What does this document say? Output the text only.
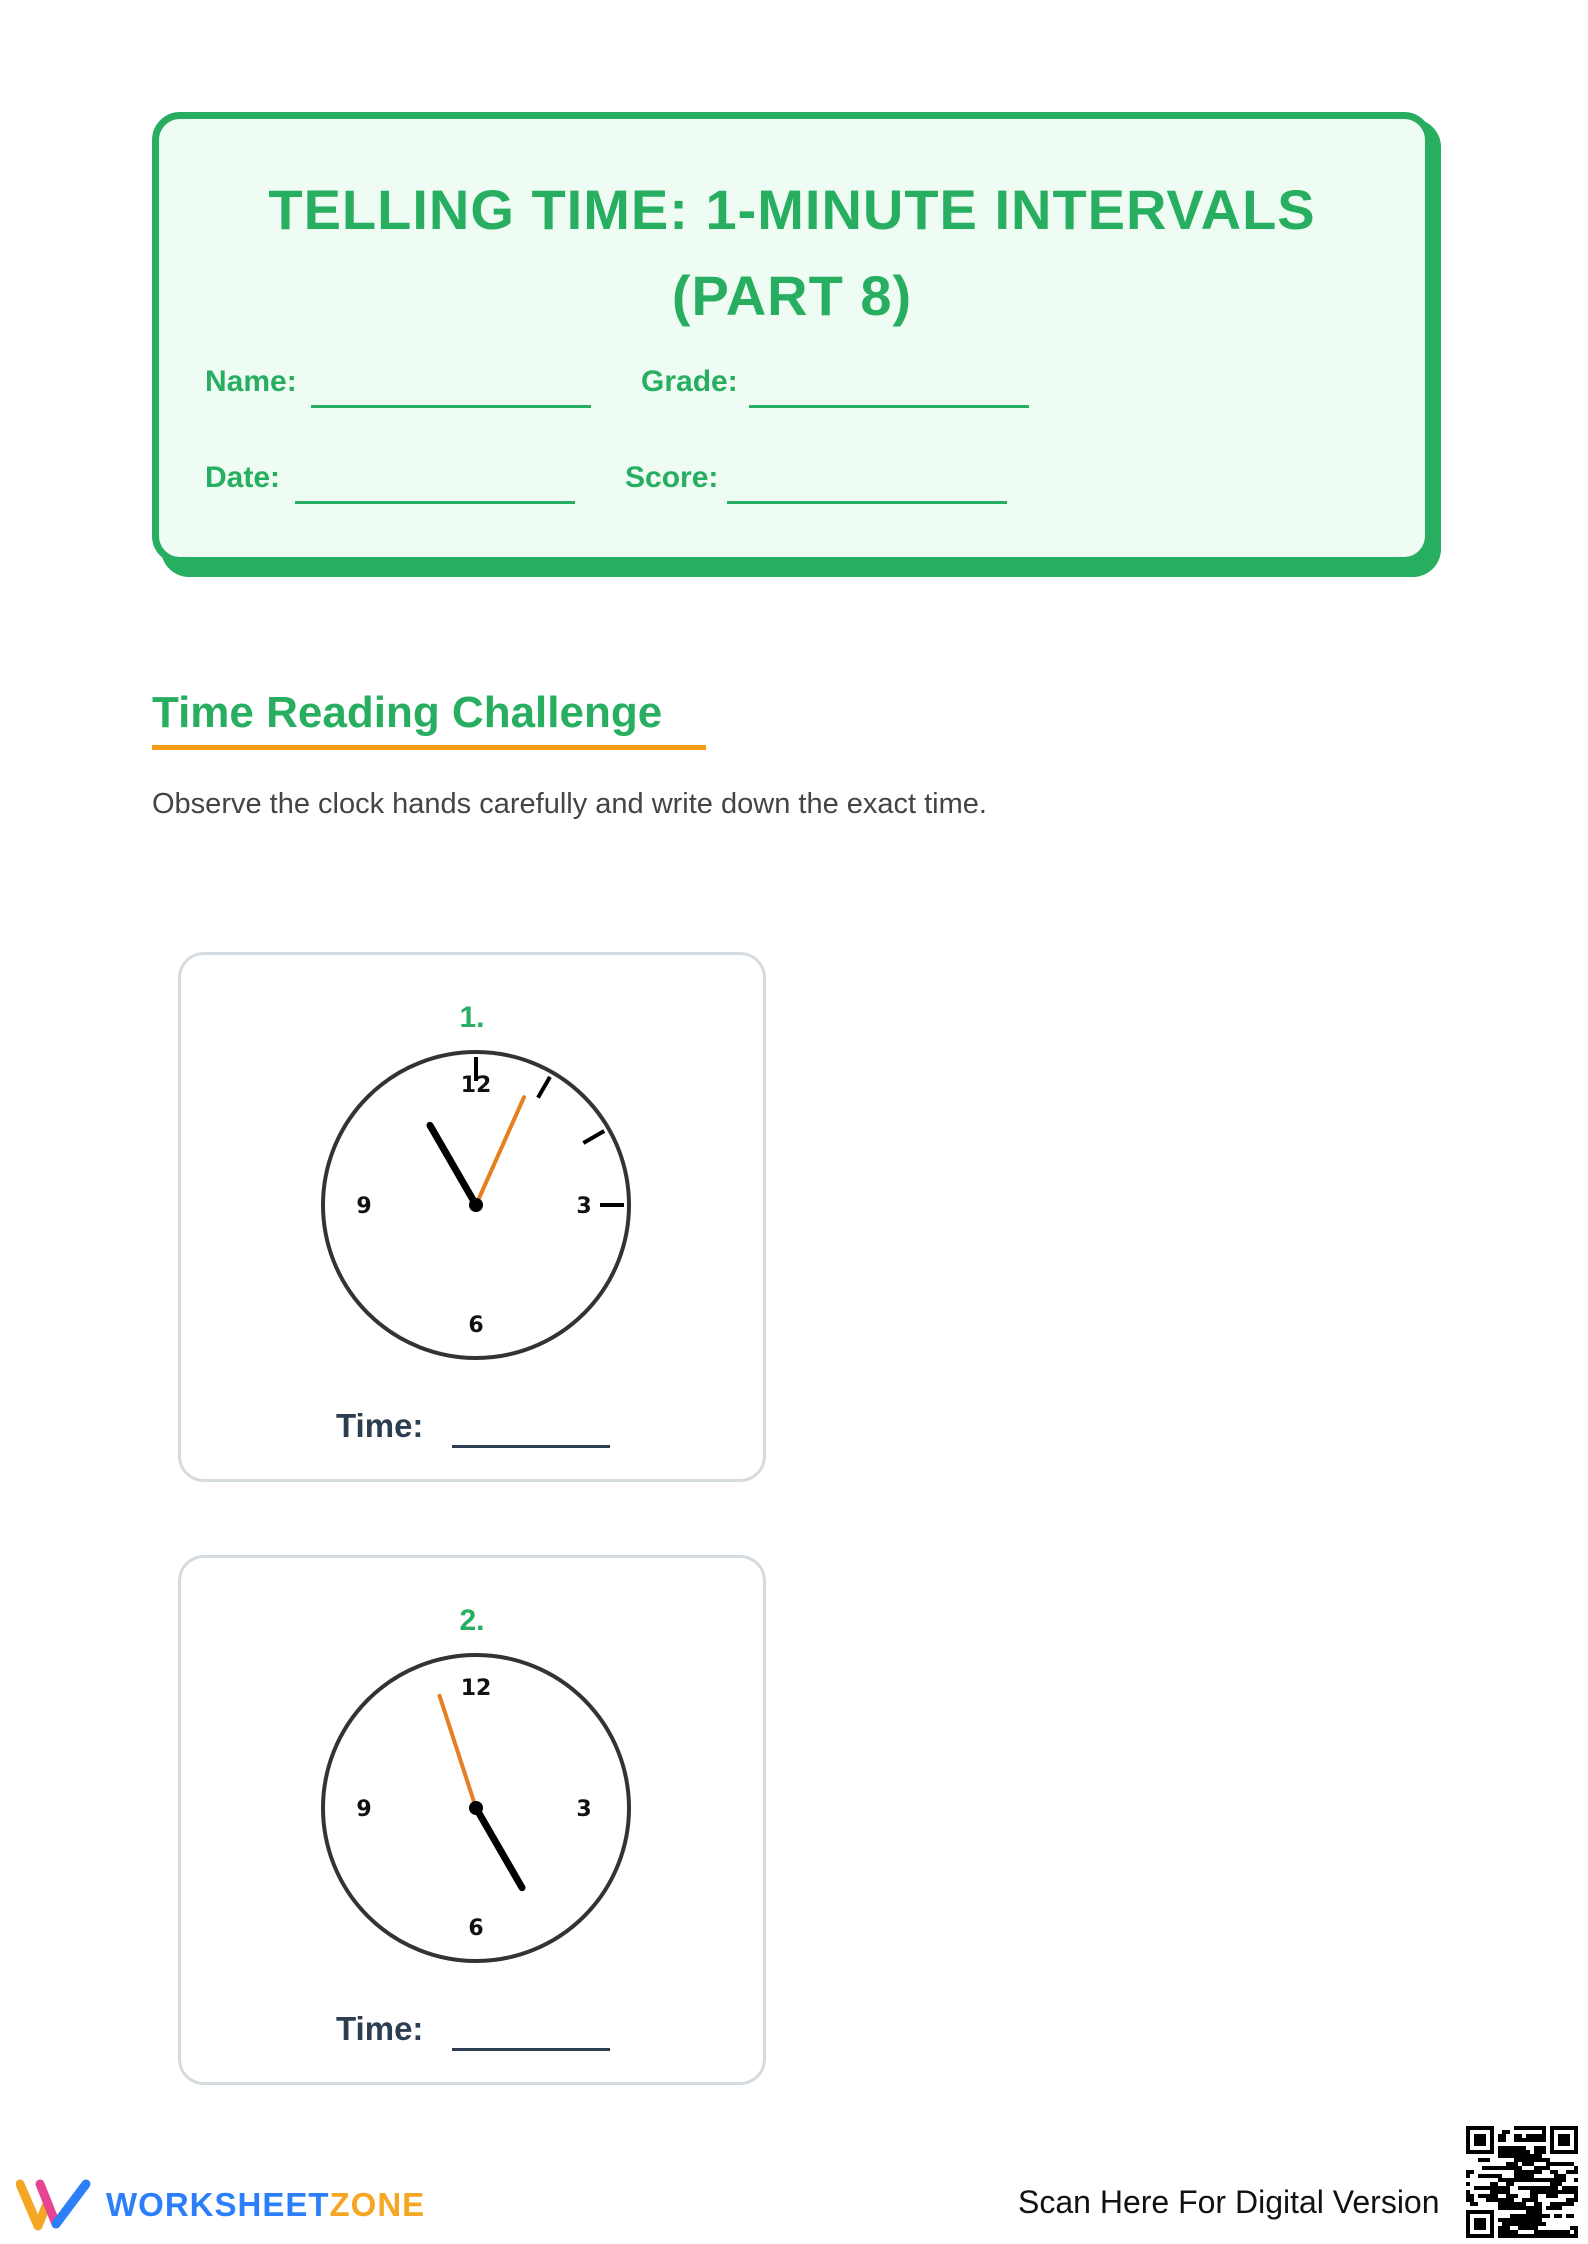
TELLING TIME: 1-MINUTE INTERVALS (PART 8)
Name:	Grade:
Date:	Score:
Time Reading Challenge
Observe the clock hands carefully and write down the exact time.
1.
12
3
6
9
Time:
2.
12
3
6
9
Time:
WORKSHEETZONE	Scan Here For Digital Version
